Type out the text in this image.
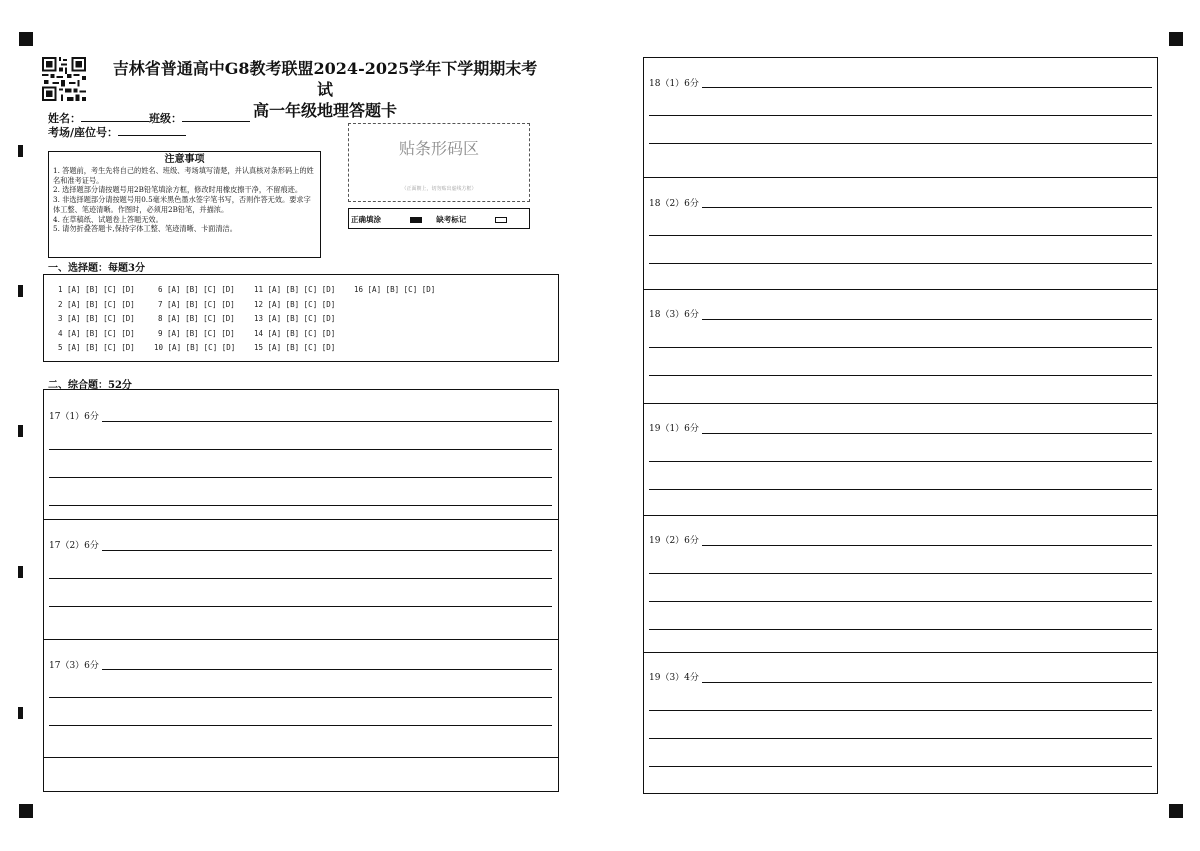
吉林省普通高中G8教考联盟2024-2025学年下学期期末考试
高一年级地理答题卡
姓名：	班级：
考场/座位号：
注意事项
1. 答题前，考生先将自己的姓名、班级、考场填写清楚，并认真核对条形码上的姓名和准考证号。
2. 选择题部分请按题号用2B铅笔填涂方框，修改时用橡皮擦干净，不留痕迹。
3. 非选择题部分请按题号用0.5毫米黑色墨水签字笔书写，否则作答无效。要求字体工整、笔迹清晰。作图时，必须用2B铅笔，并描浓。
4. 在草稿纸、试题卷上答题无效。
5. 请勿折叠答题卡,保持字体工整、笔迹清晰、卡面清洁。
贴条形码区
（正面朝上，切勿贴出虚线方框）
正确填涂	缺考标记
一、选择题：每题3分
1 [A] [B] [C] [D]
2 [A] [B] [C] [D]
3 [A] [B] [C] [D]
4 [A] [B] [C] [D]
5 [A] [B] [C] [D]
6 [A] [B] [C] [D]
7 [A] [B] [C] [D]
8 [A] [B] [C] [D]
9 [A] [B] [C] [D]
10 [A] [B] [C] [D]
11 [A] [B] [C] [D]
12 [A] [B] [C] [D]
13 [A] [B] [C] [D]
14 [A] [B] [C] [D]
15 [A] [B] [C] [D]
16 [A] [B] [C] [D]
二、综合题：52分
17（1）6分
17（2）6分
17（3）6分
18（1）6分
18（2）6分
18（3）6分
19（1）6分
19（2）6分
19（3）4分
